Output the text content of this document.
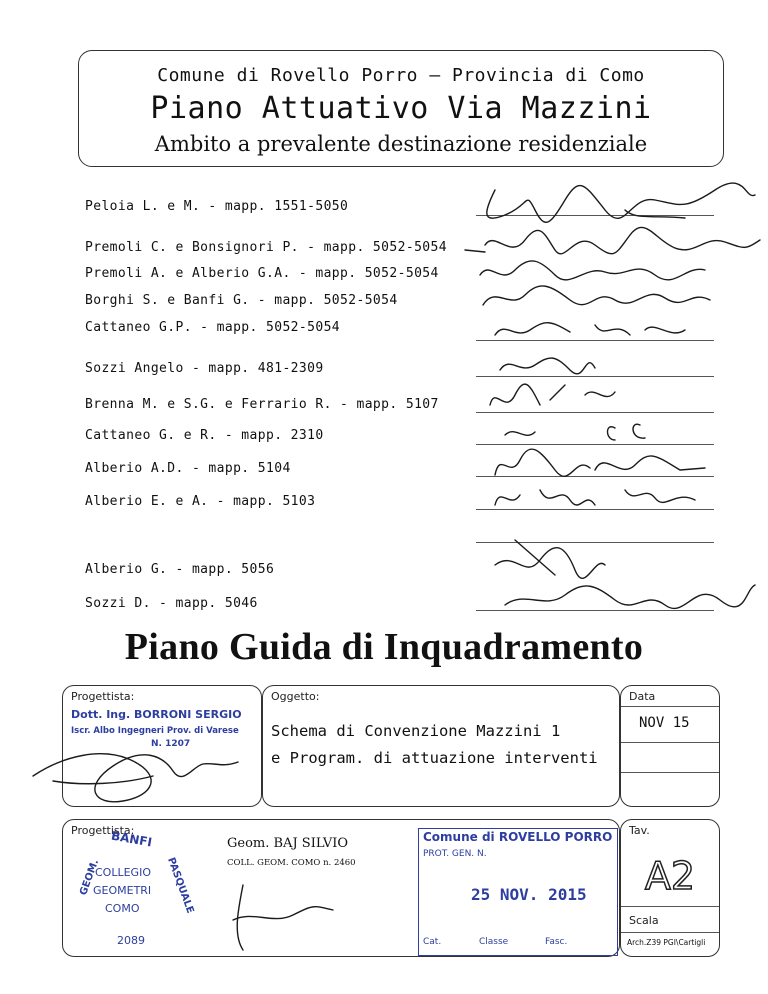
Comune di Rovello Porro – Provincia di Como
Piano Attuativo Via Mazzini
Ambito a prevalente destinazione residenziale
Peloia L. e M. - mapp. 1551-5050
Premoli C. e Bonsignori P. - mapp. 5052-5054
Premoli A. e Alberio G.A. - mapp. 5052-5054
Borghi S. e Banfi G. - mapp. 5052-5054
Cattaneo G.P. - mapp. 5052-5054
Sozzi Angelo - mapp. 481-2309
Brenna M. e S.G. e Ferrario R. - mapp. 5107
Cattaneo G. e R. - mapp. 2310
Alberio A.D. - mapp. 5104
Alberio E. e A. - mapp. 5103
Alberio G. - mapp. 5056
Sozzi D. - mapp. 5046
Piano Guida di Inquadramento
Progettista:
Dott. Ing. BORRONI SERGIO
Iscr. Albo Ingegneri Prov. di Varese
N. 1207
Oggetto:
Schema di Convenzione Mazzini 1
e Program. di attuazione interventi
Data
NOV 15
Progettista:
BANFI
GEOM.	PASQUALE
COLLEGIO
GEOMETRI
COMO
2089
Geom. BAJ SILVIO
COLL. GEOM. COMO n. 2460
Comune di ROVELLO PORRO
PROT. GEN. N.
25 NOV. 2015
Cat.	Classe	Fasc.
Tav.
A2
Scala
Arch.Z39 PGI\Cartigli
